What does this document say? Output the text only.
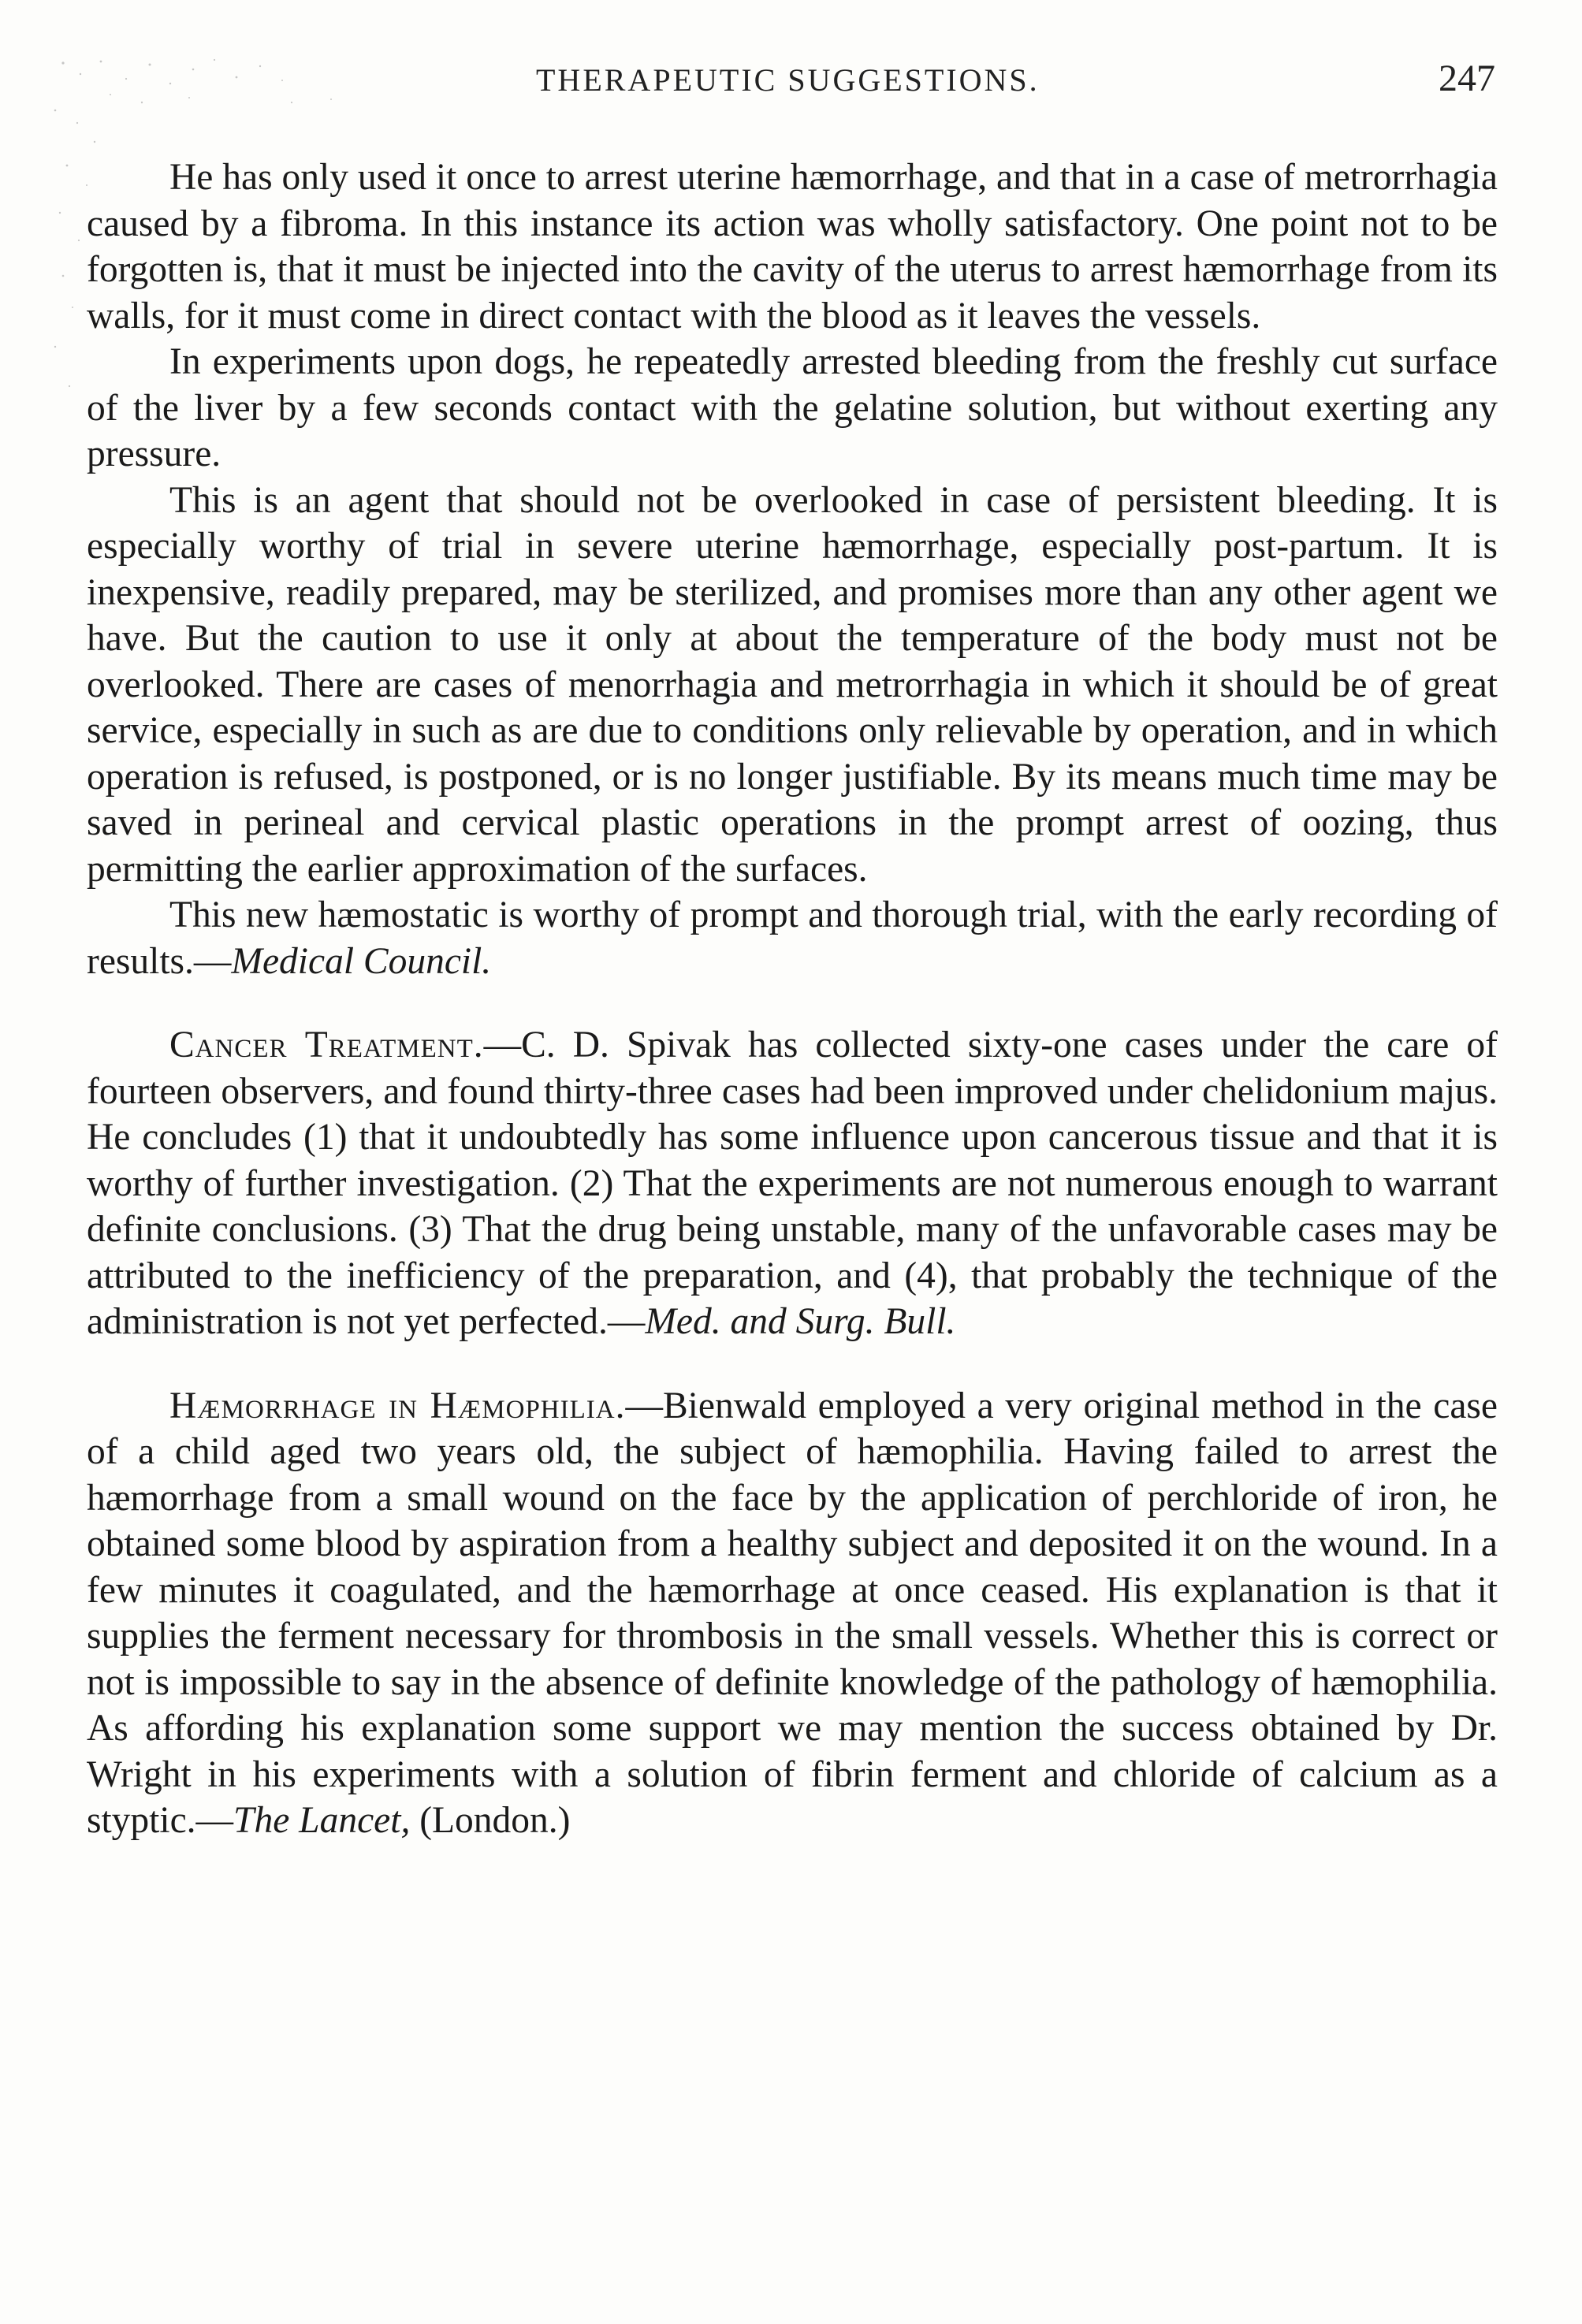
THERAPEUTIC SUGGESTIONS.	247

He has only used it once to arrest uterine hæmorrhage, and that in a case of metrorrhagia caused by a fibroma. In this instance its action was wholly satisfactory. One point not to be forgotten is, that it must be injected into the cavity of the uterus to arrest hæmorrhage from its walls, for it must come in direct contact with the blood as it leaves the vessels.

In experiments upon dogs, he repeatedly arrested bleeding from the freshly cut surface of the liver by a few seconds contact with the gelatine solution, but without exerting any pressure.

This is an agent that should not be overlooked in case of persistent bleeding. It is especially worthy of trial in severe uterine hæmorrhage, especially post-partum. It is inexpensive, readily prepared, may be sterilized, and promises more than any other agent we have. But the caution to use it only at about the temperature of the body must not be overlooked. There are cases of menorrhagia and metrorrhagia in which it should be of great service, especially in such as are due to conditions only relievable by operation, and in which operation is refused, is postponed, or is no longer justifiable. By its means much time may be saved in perineal and cervical plastic operations in the prompt arrest of oozing, thus permitting the earlier approximation of the surfaces.

This new hæmostatic is worthy of prompt and thorough trial, with the early recording of results.—Medical Council.

Cancer Treatment.—C. D. Spivak has collected sixty-one cases under the care of fourteen observers, and found thirty-three cases had been improved under chelidonium majus. He concludes (1) that it undoubtedly has some influence upon cancerous tissue and that it is worthy of further investigation. (2) That the experiments are not numerous enough to warrant definite conclusions. (3) That the drug being unstable, many of the unfavorable cases may be attributed to the inefficiency of the preparation, and (4), that probably the technique of the administration is not yet perfected.—Med. and Surg. Bull.

Hæmorrhage in Hæmophilia.—Bienwald employed a very original method in the case of a child aged two years old, the subject of hæmophilia. Having failed to arrest the hæmorrhage from a small wound on the face by the application of perchloride of iron, he obtained some blood by aspiration from a healthy subject and deposited it on the wound. In a few minutes it coagulated, and the hæmorrhage at once ceased. His explanation is that it supplies the ferment necessary for thrombosis in the small vessels. Whether this is correct or not is impossible to say in the absence of definite knowledge of the pathology of hæmophilia. As affording his explanation some support we may mention the success obtained by Dr. Wright in his experiments with a solution of fibrin ferment and chloride of calcium as a styptic.—The Lancet, (London.)
